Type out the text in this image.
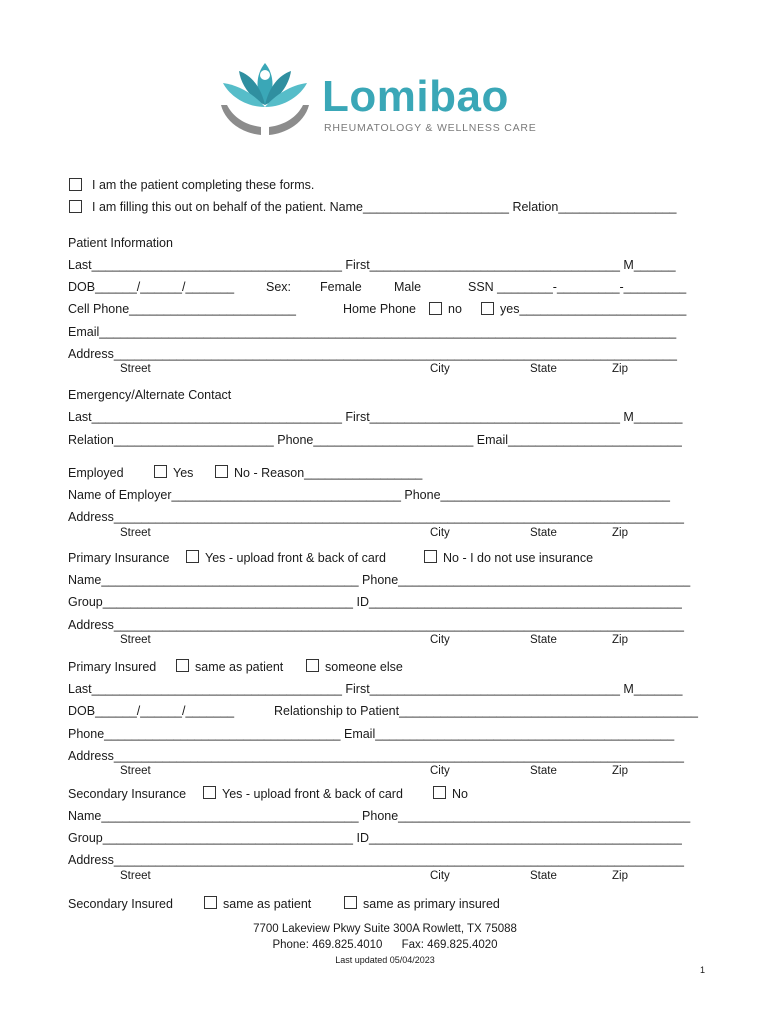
Lomibao
RHEUMATOLOGY & WELLNESS CARE
I am the patient completing these forms.
I am filling this out on behalf of the patient. Name_____________________ Relation_________________
Patient Information
Last____________________________________ First____________________________________ M______
DOB______/______/_______	Sex: Female	Male	SSN ________-_________-_________
Cell Phone________________________	Home Phone	no	yes________________________
Email___________________________________________________________________________________
Address_________________________________________________________________________________
Street	City	State	Zip
Emergency/Alternate Contact
Last____________________________________ First____________________________________ M_______
Relation_______________________ Phone_______________________ Email_________________________
Employed	Yes	No - Reason_________________
Name of Employer_________________________________ Phone_________________________________
Address__________________________________________________________________________________
Street	City	State	Zip
Primary Insurance	Yes - upload front & back of card	No - I do not use insurance
Name_____________________________________ Phone__________________________________________
Group____________________________________ ID_____________________________________________
Address__________________________________________________________________________________
Street	City	State	Zip
Primary Insured	same as patient	someone else
Last____________________________________ First____________________________________ M_______
DOB______/______/_______	Relationship to Patient___________________________________________
Phone__________________________________ Email___________________________________________
Address__________________________________________________________________________________
Street	City	State	Zip
Secondary Insurance	Yes - upload front & back of card	No
Name_____________________________________ Phone__________________________________________
Group____________________________________ ID_____________________________________________
Address__________________________________________________________________________________
Street	City	State	Zip
Secondary Insured	same as patient	same as primary insured
7700 Lakeview Pkwy Suite 300A Rowlett, TX 75088
Phone: 469.825.4010      Fax: 469.825.4020
Last updated 05/04/2023
1
